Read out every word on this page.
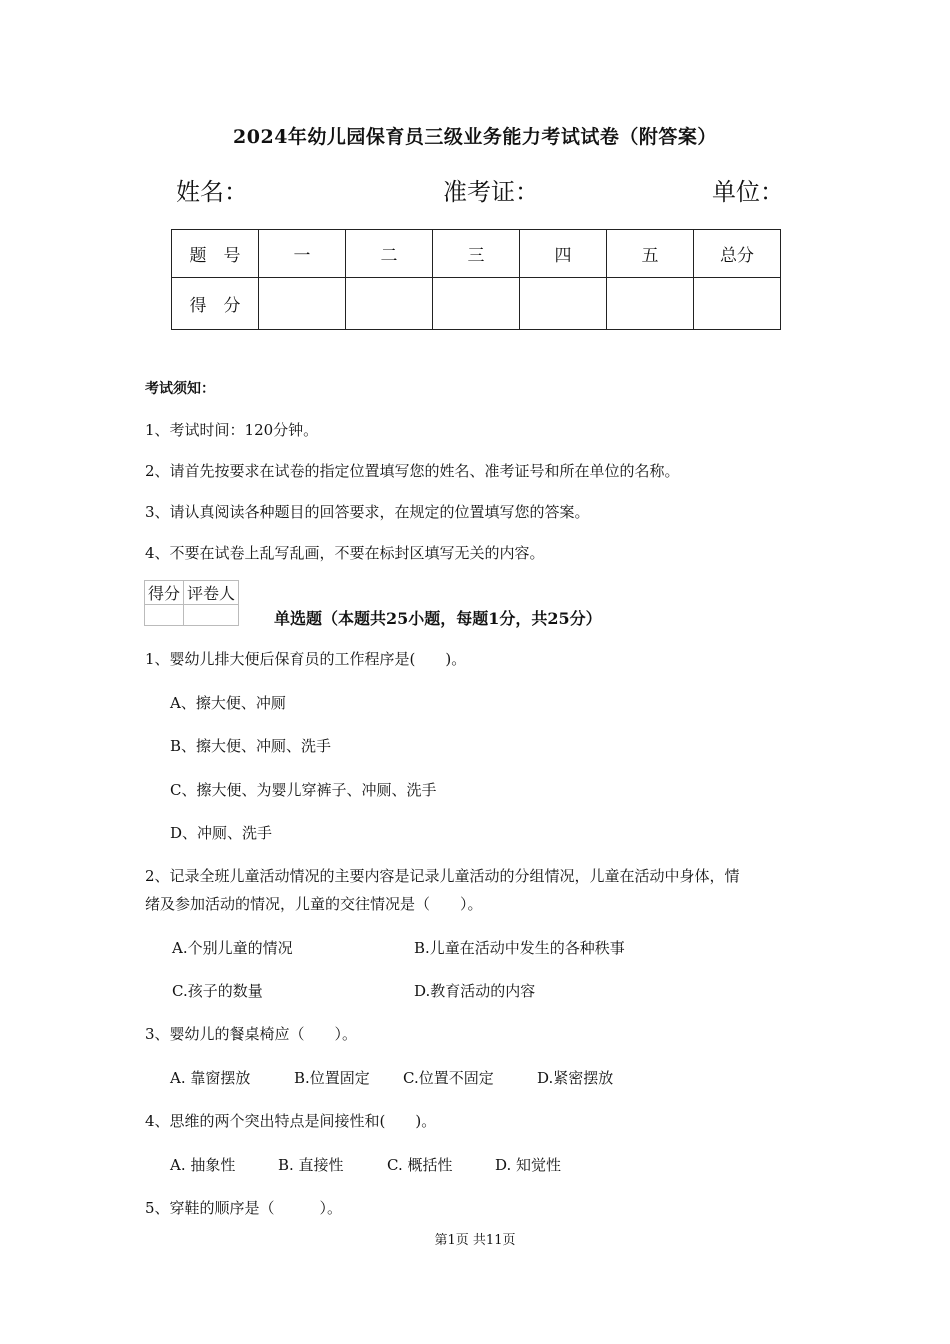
2024年幼儿园保育员三级业务能力考试试卷（附答案）
姓名：	准考证：	单位：
题　号	一	二	三	四	五	总分
得　分						
考试须知：
1、考试时间：120分钟。
2、请首先按要求在试卷的指定位置填写您的姓名、准考证号和所在单位的名称。
3、请认真阅读各种题目的回答要求，在规定的位置填写您的答案。
4、不要在试卷上乱写乱画，不要在标封区填写无关的内容。
得分	评卷人

单选题（本题共25小题，每题1分，共25分）
1、婴幼儿排大便后保育员的工作程序是(　　)。
A、擦大便、冲厕
B、擦大便、冲厕、洗手
C、擦大便、为婴儿穿裤子、冲厕、洗手
D、冲厕、洗手
2、记录全班儿童活动情况的主要内容是记录儿童活动的分组情况，儿童在活动中身体，情
绪及参加活动的情况，儿童的交往情况是（　　）。
A.个别儿童的情况	B.儿童在活动中发生的各种秩事
C.孩子的数量	D.教育活动的内容
3、婴幼儿的餐桌椅应（　　）。
A. 靠窗摆放	B.位置固定 C.位置不固定	D.紧密摆放
4、思维的两个突出特点是间接性和(　　)。
A. 抽象性	B. 直接性	C. 概括性	D. 知觉性
5、穿鞋的顺序是（　　　）。
第1页 共11页
